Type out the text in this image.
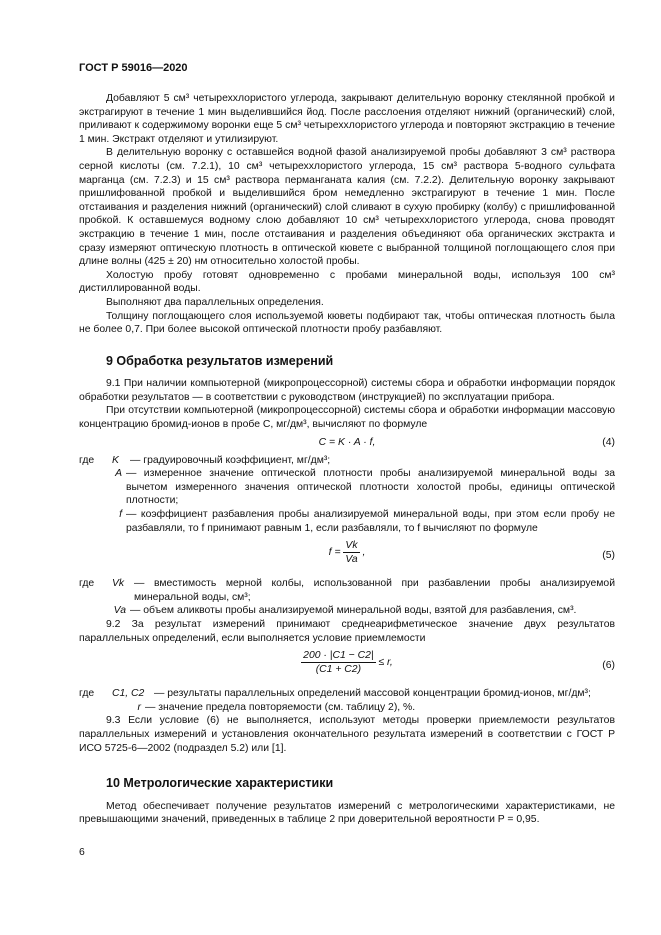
ГОСТ Р 59016—2020

Добавляют 5 см³ четыреххлористого углерода, закрывают делительную воронку стеклянной пробкой и экстрагируют в течение 1 мин выделившийся йод. После расслоения отделяют нижний (органический) слой, приливают к содержимому воронки еще 5 см³ четыреххлористого углерода и повторяют экстракцию в течение 1 мин. Экстракт отделяют и утилизируют.

В делительную воронку с оставшейся водной фазой анализируемой пробы добавляют 3 см³ раствора серной кислоты (см. 7.2.1), 10 см³ четыреххлористого углерода, 15 см³ раствора 5-водного сульфата марганца (см. 7.2.3) и 15 см³ раствора перманганата калия (см. 7.2.2). Делительную воронку закрывают пришлифованной пробкой и выделившийся бром немедленно экстрагируют в течение 1 мин. После отстаивания и разделения нижний (органический) слой сливают в сухую пробирку (колбу) с пришлифованной пробкой. К оставшемуся водному слою добавляют 10 см³ четыреххлористого углерода, снова проводят экстракцию в течение 1 мин, после отстаивания и разделения объединяют оба органических экстракта и сразу измеряют оптическую плотность в оптической кювете с выбранной толщиной поглощающего слоя при длине волны (425 ± 20) нм относительно холостой пробы.

Холостую пробу готовят одновременно с пробами минеральной воды, используя 100 см³ дистиллированной воды.

Выполняют два параллельных определения.

Толщину поглощающего слоя используемой кюветы подбирают так, чтобы оптическая плотность была не более 0,7. При более высокой оптической плотности пробу разбавляют.

9 Обработка результатов измерений

9.1 При наличии компьютерной (микропроцессорной) системы сбора и обработки информации порядок обработки результатов — в соответствии с руководством (инструкцией) по эксплуатации прибора.

При отсутствии компьютерной (микропроцессорной) системы сбора и обработки информации массовую концентрацию бромид-ионов в пробе C, мг/дм³, вычисляют по формуле

C = K · A · f,	(4)
где	K	— градуировочный коэффициент, мг/дм³;
A — измеренное значение оптической плотности пробы анализируемой минеральной воды за вычетом измеренного значения оптической плотности холостой пробы, единицы оптической плотности;
f — коэффициент разбавления пробы анализируемой минеральной воды, при этом если пробу не разбавляли, то f принимают равным 1, если разбавляли, то f вычисляют по формуле
$f = \frac{Vk}{Va}$ ,	(5)
где	Vk — вместимость мерной колбы, использованной при разбавлении пробы анализируемой минеральной воды, см³;
Va — объем аликвоты пробы анализируемой минеральной воды, взятой для разбавления, см³.

9.2 За результат измерений принимают среднеарифметическое значение двух результатов параллельных определений, если выполняется условие приемлемости

$\frac{200 \cdot |C1 - C2|}{(C1 + C2)} \le r$,	(6)
где	C1, C2 — результаты параллельных определений массовой концентрации бромид-ионов, мг/дм³;
r — значение предела повторяемости (см. таблицу 2), %.

9.3 Если условие (6) не выполняется, используют методы проверки приемлемости результатов параллельных измерений и установления окончательного результата измерений в соответствии с ГОСТ Р ИСО 5725-6—2002 (подраздел 5.2) или [1].

10 Метрологические характеристики

Метод обеспечивает получение результатов измерений с метрологическими характеристиками, не превышающими значений, приведенных в таблице 2 при доверительной вероятности P = 0,95.

6
